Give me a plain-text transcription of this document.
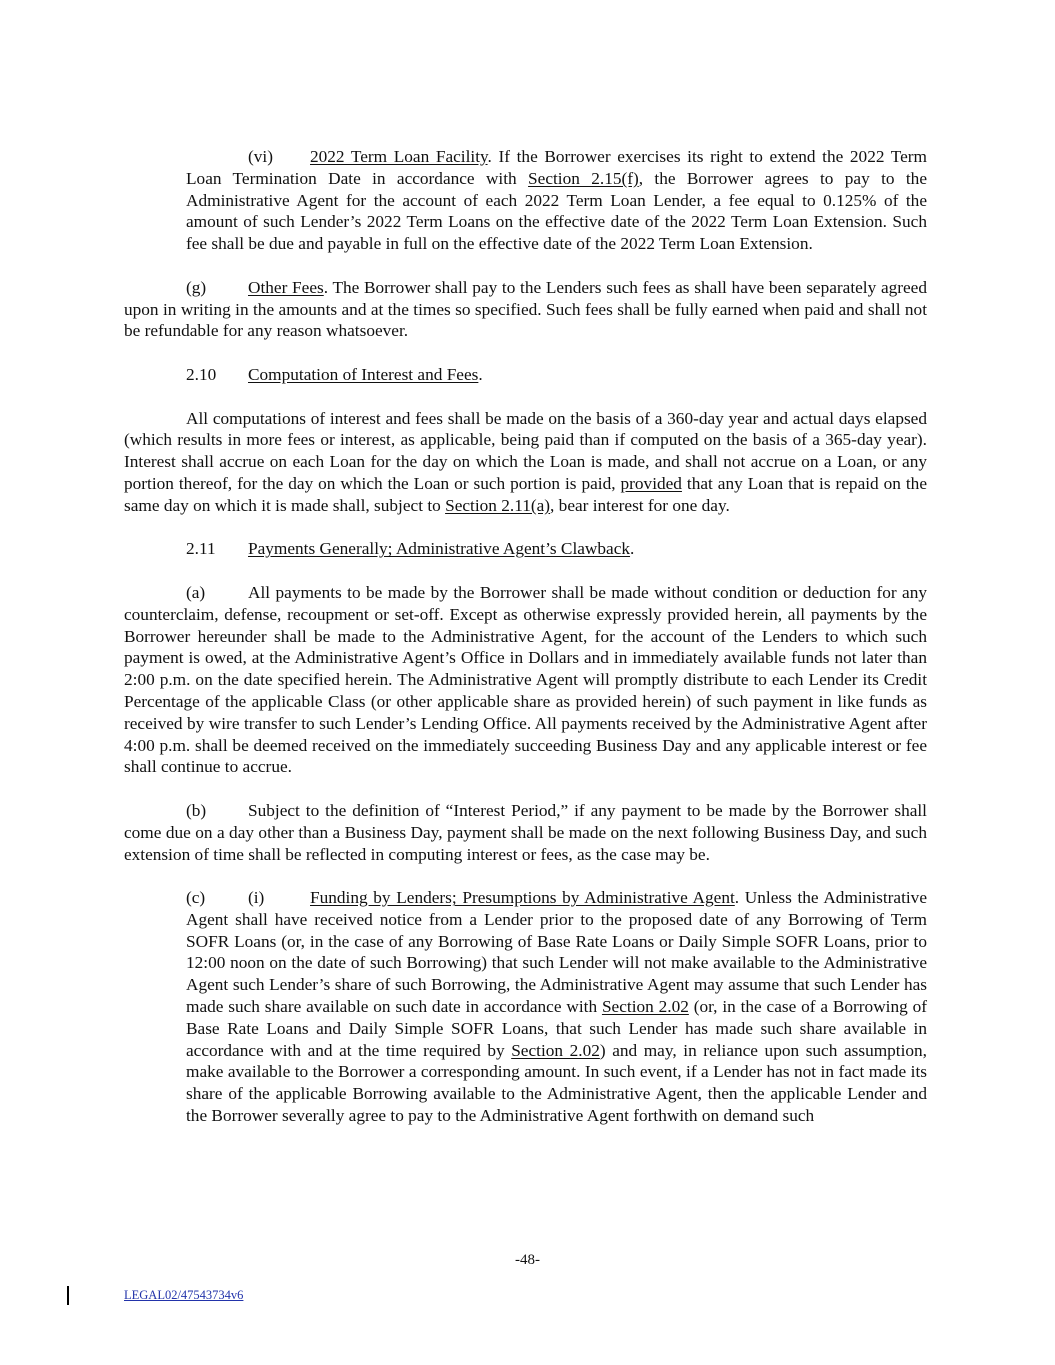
(vi) 2022 Term Loan Facility. If the Borrower exercises its right to extend the 2022 Term Loan Termination Date in accordance with Section 2.15(f), the Borrower agrees to pay to the Administrative Agent for the account of each 2022 Term Loan Lender, a fee equal to 0.125% of the amount of such Lender’s 2022 Term Loans on the effective date of the 2022 Term Loan Extension. Such fee shall be due and payable in full on the effective date of the 2022 Term Loan Extension.

(g) Other Fees. The Borrower shall pay to the Lenders such fees as shall have been separately agreed upon in writing in the amounts and at the times so specified. Such fees shall be fully earned when paid and shall not be refundable for any reason whatsoever.

2.10 Computation of Interest and Fees.

All computations of interest and fees shall be made on the basis of a 360-day year and actual days elapsed (which results in more fees or interest, as applicable, being paid than if computed on the basis of a 365-day year). Interest shall accrue on each Loan for the day on which the Loan is made, and shall not accrue on a Loan, or any portion thereof, for the day on which the Loan or such portion is paid, provided that any Loan that is repaid on the same day on which it is made shall, subject to Section 2.11(a), bear interest for one day.

2.11 Payments Generally; Administrative Agent’s Clawback.

(a) All payments to be made by the Borrower shall be made without condition or deduction for any counterclaim, defense, recoupment or set-off. Except as otherwise expressly provided herein, all payments by the Borrower hereunder shall be made to the Administrative Agent, for the account of the Lenders to which such payment is owed, at the Administrative Agent’s Office in Dollars and in immediately available funds not later than 2:00 p.m. on the date specified herein. The Administrative Agent will promptly distribute to each Lender its Credit Percentage of the applicable Class (or other applicable share as provided herein) of such payment in like funds as received by wire transfer to such Lender’s Lending Office. All payments received by the Administrative Agent after 4:00 p.m. shall be deemed received on the immediately succeeding Business Day and any applicable interest or fee shall continue to accrue.

(b) Subject to the definition of “Interest Period,” if any payment to be made by the Borrower shall come due on a day other than a Business Day, payment shall be made on the next following Business Day, and such extension of time shall be reflected in computing interest or fees, as the case may be.

(c) (i)	Funding by Lenders; Presumptions by Administrative Agent. Unless the Administrative Agent shall have received notice from a Lender prior to the proposed date of any Borrowing of Term SOFR Loans (or, in the case of any Borrowing of Base Rate Loans or Daily Simple SOFR Loans, prior to 12:00 noon on the date of such Borrowing) that such Lender will not make available to the Administrative Agent such Lender’s share of such Borrowing, the Administrative Agent may assume that such Lender has made such share available on such date in accordance with Section 2.02 (or, in the case of a Borrowing of Base Rate Loans and Daily Simple SOFR Loans, that such Lender has made such share available in accordance with and at the time required by Section 2.02) and may, in reliance upon such assumption, make available to the Borrower a corresponding amount. In such event, if a Lender has not in fact made its share of the applicable Borrowing available to the Administrative Agent, then the applicable Lender and the Borrower severally agree to pay to the Administrative Agent forthwith on demand such

-48-
LEGAL02/47543734v6
